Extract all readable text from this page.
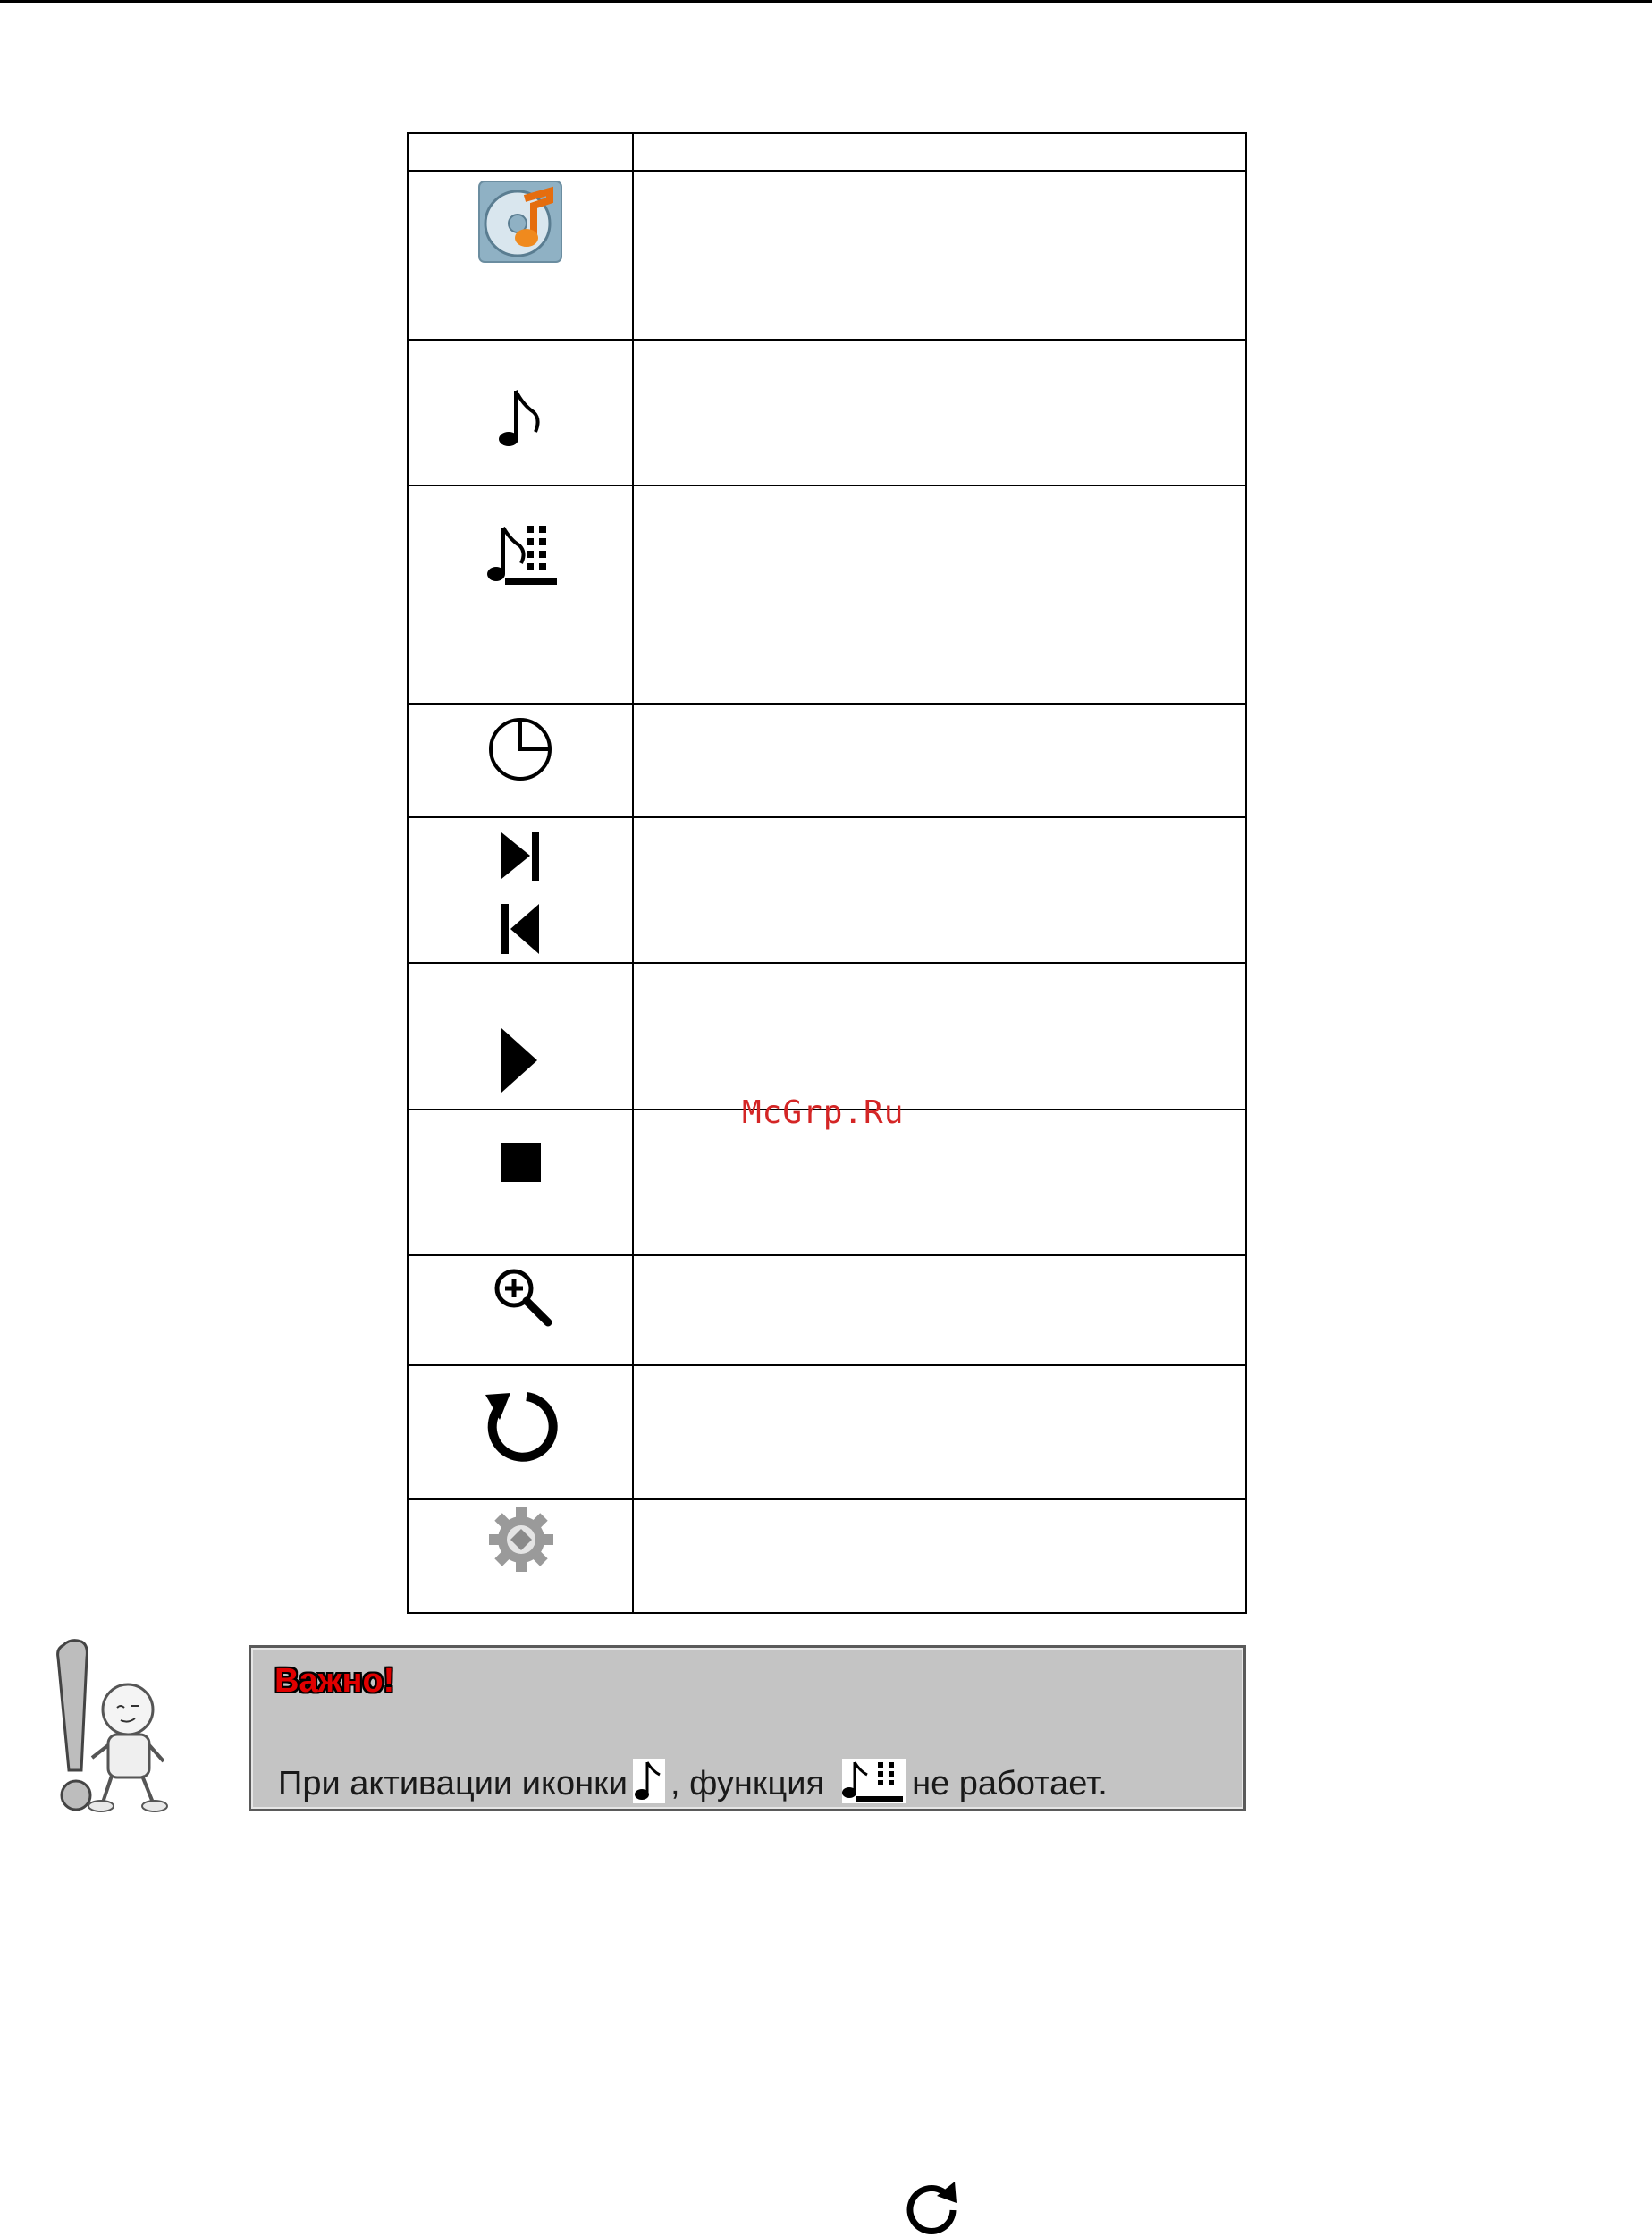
McGrp.Ru
Важно!
При активации иконки , функция	не работает.
